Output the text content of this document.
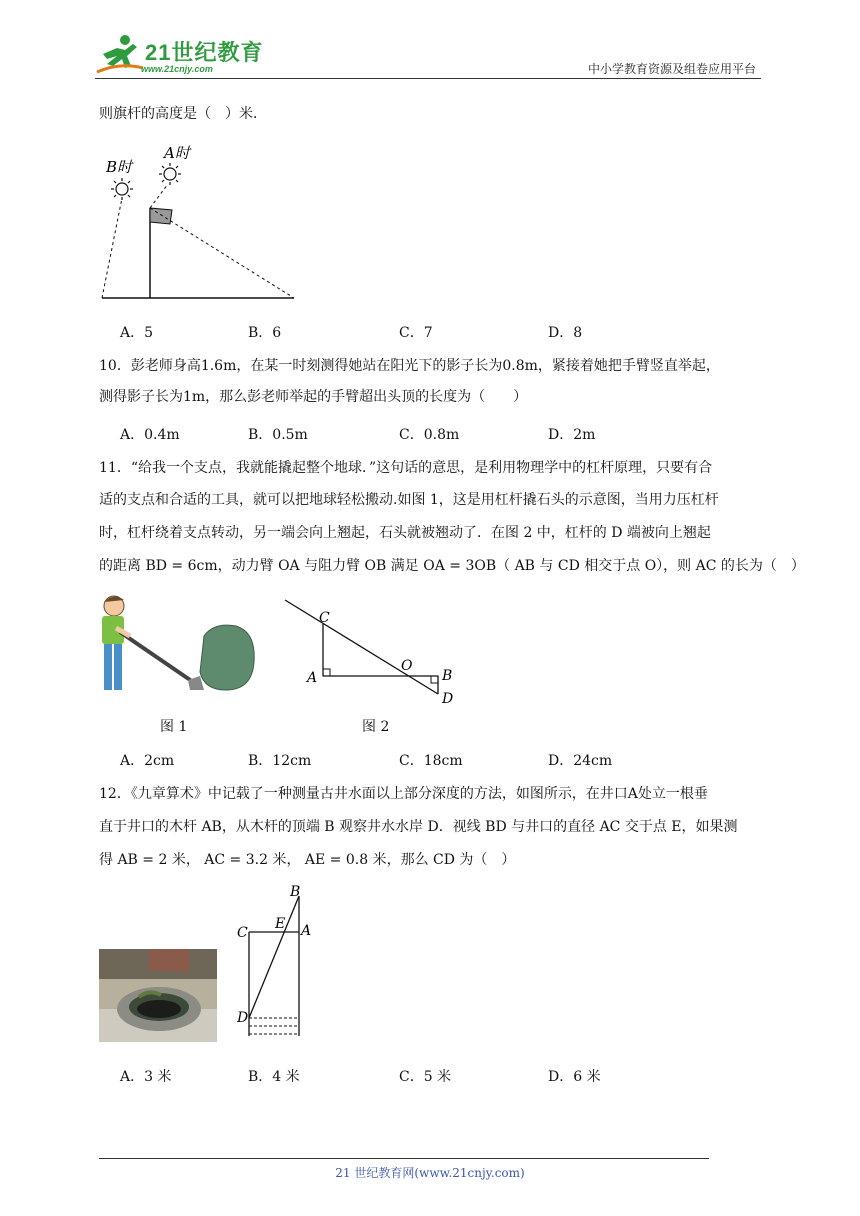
21世纪教育
www.21cnjy.com	中小学教育资源及组卷应用平台
则旗杆的高度是（　）米．
B时
A时
A．5	B．6	C．7	D．8
10．彭老师身高1.6m，在某一时刻测得她站在阳光下的影子长为0.8m，紧接着她把手臂竖直举起，
测得影子长为1m，那么彭老师举起的手臂超出头顶的长度为（　　）
A．0.4m	B．0.5m	C．0.8m	D．2m
11．“给我一个支点，我就能撬起整个地球．”这句话的意思，是利用物理学中的杠杆原理，只要有合
适的支点和合适的工具，就可以把地球轻松搬动.如图 1，这是用杠杆撬石头的示意图，当用力压杠杆
时，杠杆绕着支点转动，另一端会向上翘起，石头就被翘动了．在图 2 中，杠杆的 D 端被向上翘起
的距离 BD = 6cm，动力臂 OA 与阻力臂 OB 满足 OA = 3OB（ AB 与 CD 相交于点 O），则 AC 的长为（　）
图 1
C
A
O
B
D
图 2
A．2cm	B．12cm	C．18cm	D．24cm
12．《九章算术》中记载了一种测量古井水面以上部分深度的方法，如图所示，在井口A处立一根垂
直于井口的木杆 AB，从木杆的顶端 B 观察井水水岸 D．视线 BD 与井口的直径 AC 交于点 E，如果测
得 AB = 2 米， AC = 3.2 米， AE = 0.8 米，那么 CD 为（　）
B
E
C	A
D
A．3 米	B．4 米	C．5 米	D．6 米
21 世纪教育网(www.21cnjy.com)
